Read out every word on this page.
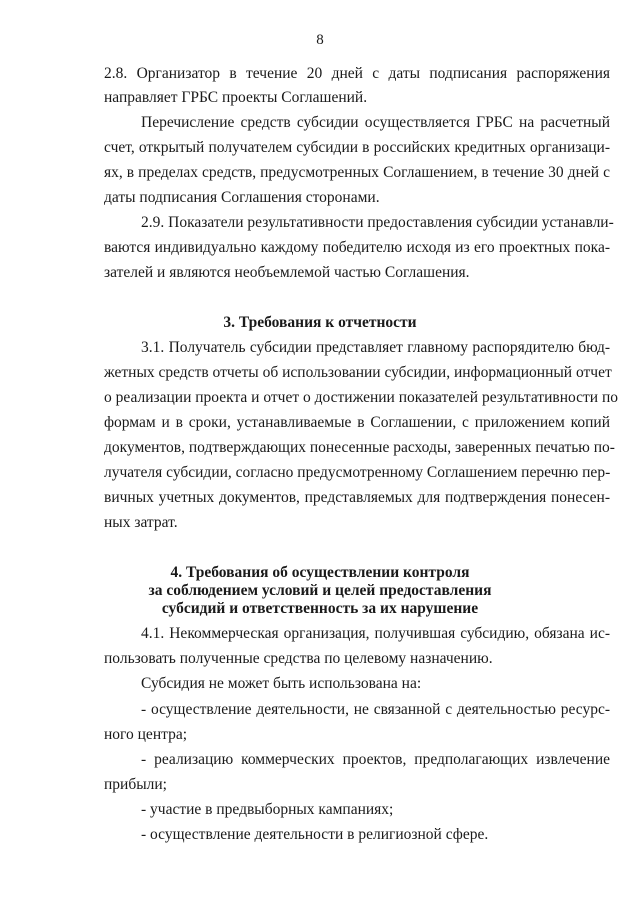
8
2.8. Организатор в течение 20 дней с даты подписания распоряжения
направляет ГРБС проекты Соглашений.
Перечисление средств субсидии осуществляется ГРБС на расчетный
счет, открытый получателем субсидии в российских кредитных организаци-
ях, в пределах средств, предусмотренных Соглашением, в течение 30 дней с
даты подписания Соглашения сторонами.
2.9. Показатели результативности предоставления субсидии устанавли-
ваются индивидуально каждому победителю исходя из его проектных пока-
зателей и являются необъемлемой частью Соглашения.
3. Требования к отчетности
3.1. Получатель субсидии представляет главному распорядителю бюд-
жетных средств отчеты об использовании субсидии, информационный отчет
о реализации проекта и отчет о достижении показателей результативности по
формам и в сроки, устанавливаемые в Соглашении, с приложением копий
документов, подтверждающих понесенные расходы, заверенных печатью по-
лучателя субсидии, согласно предусмотренному Соглашением перечню пер-
вичных учетных документов, представляемых для подтверждения понесен-
ных затрат.
4. Требования об осуществлении контроля
за соблюдением условий и целей предоставления
субсидий и ответственность за их нарушение
4.1. Некоммерческая организация, получившая субсидию, обязана ис-
пользовать полученные средства по целевому назначению.
Субсидия не может быть использована на:
- осуществление деятельности, не связанной с деятельностью ресурс-
ного центра;
- реализацию коммерческих проектов, предполагающих извлечение
прибыли;
- участие в предвыборных кампаниях;
- осуществление деятельности в религиозной сфере.
